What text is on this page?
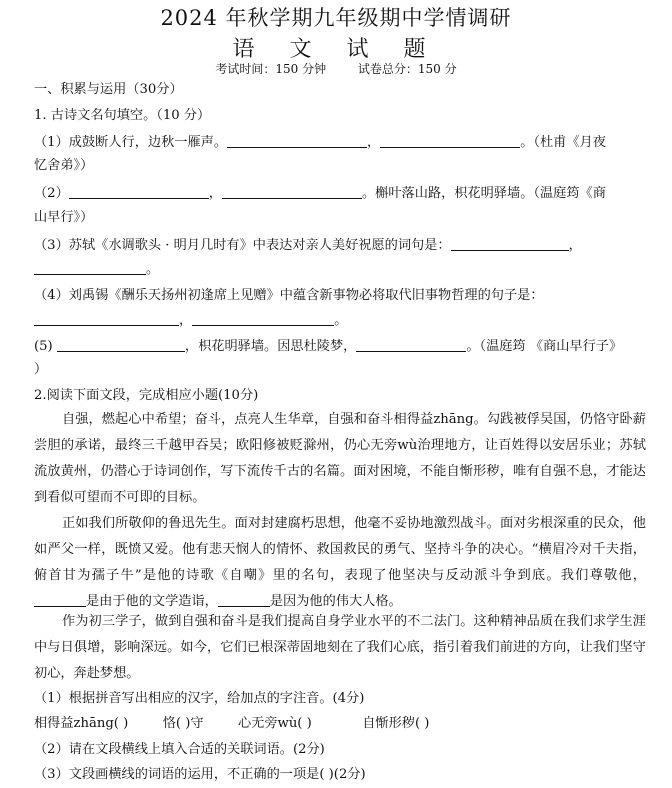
2024 年秋学期九年级期中学情调研
语 文 试 题
考试时间：150 分钟	试卷总分：150 分
一、积累与运用（30分）
1. 古诗文名句填空。（10 分）
（1）成鼓断人行，边秋一雁声。	，	。（杜甫《月夜
忆舍弟》）
（2）	，	。槲叶落山路，枳花明驿墙。（温庭筠《商
山早行》）
（3）苏轼《水调歌头 · 明月几时有》中表达对亲人美好祝愿的词句是：	，
。
（4）刘禹锡《酬乐天扬州初逢席上见赠》中蕴含新事物必将取代旧事物哲理的句子是：
，	。
(5)	，枳花明驿墙。因思杜陵梦，	。（温庭筠 《商山早行子》
）
2.阅读下面文段，完成相应小题(10分)
自强，燃起心中希望；奋斗，点亮人生华章，自强和奋斗相得益zhāng。勾践被俘吴国，仍恪守卧薪尝胆的承诺，最终三千越甲吞吴；欧阳修被贬滁州，仍心无旁wù治理地方，让百姓得以安居乐业；苏轼流放黄州，仍潜心于诗词创作，写下流传千古的名篇。面对困境，不能自惭形秽，唯有自强不息，才能达到看似可望而不可即的目标。
正如我们所敬仰的鲁迅先生。面对封建腐朽思想，他毫不妥协地激烈战斗。面对劣根深重的民众，他如严父一样，既愤又爱。他有悲天悯人的情怀、救国救民的勇气、坚持斗争的决心。“横眉冷对千夫指，俯首甘为孺子牛”是他的诗歌《自嘲》里的名句，表现了他坚决与反动派斗争到底。我们尊敬他，是由于他的文学造诣，	是因为他的伟大人格。
作为初三学子，做到自强和奋斗是我们提高自身学业水平的不二法门。这种精神品质在我们求学生涯中与日俱增，影响深远。如今，它们已根深蒂固地刻在了我们心底，指引着我们前进的方向，让我们坚守初心，奔赴梦想。
（1）根据拼音写出相应的汉字，给加点的字注音。(4分)
相得益zhāng( )	恪( )守	心无旁wù( )	自惭形秽( )
（2）请在文段横线上填入合适的关联词语。(2分)
（3）文段画横线的词语的运用，不正确的一项是( )(2分)
